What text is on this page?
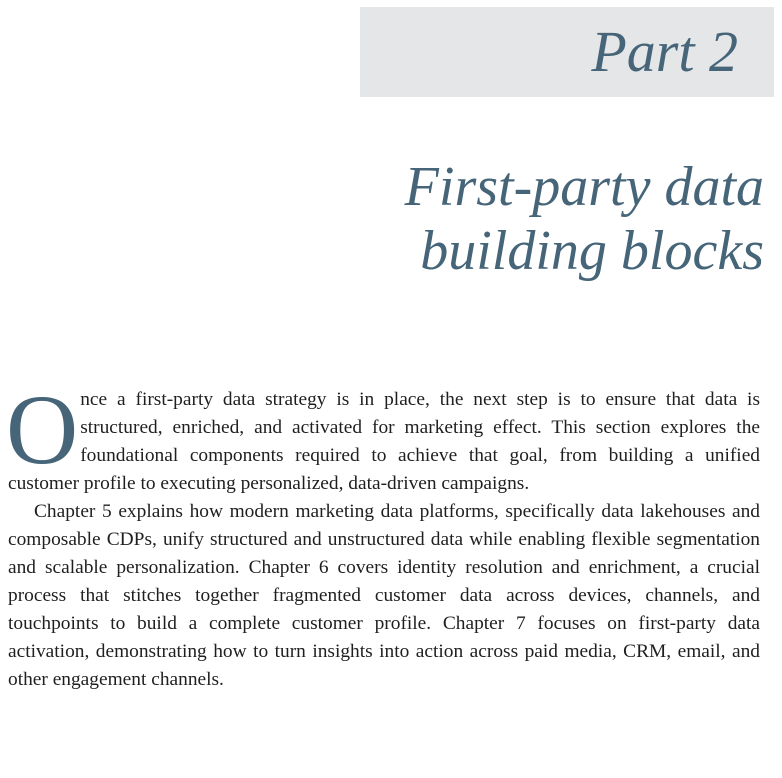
Part 2
First-party data
building blocks

Once a first-party data strategy is in place, the next step is to ensure that data is structured, enriched, and activated for marketing effect. This section explores the foundational components required to achieve that goal, from building a unified customer profile to executing personalized, data-driven campaigns.

Chapter 5 explains how modern marketing data platforms, specifically data lakehouses and composable CDPs, unify structured and unstructured data while enabling flexible segmentation and scalable personalization. Chapter 6 covers identity resolution and enrichment, a crucial process that stitches together fragmented customer data across devices, channels, and touchpoints to build a complete customer profile. Chapter 7 focuses on first-party data activation, demonstrating how to turn insights into action across paid media, CRM, email, and other engagement channels.
